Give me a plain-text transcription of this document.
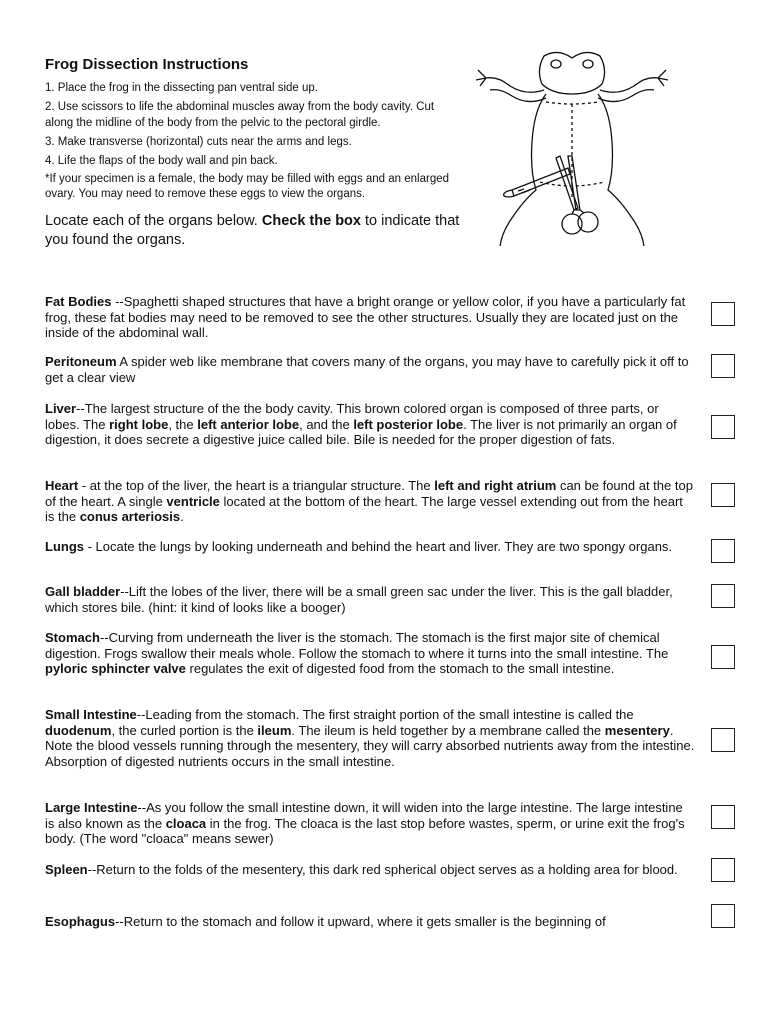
Frog Dissection Instructions
1. Place the frog in the dissecting pan ventral side up.
2. Use scissors to life the abdominal muscles away from the body cavity. Cut along the midline of the body from the pelvic to the pectoral girdle.
3. Make transverse (horizontal) cuts near the arms and legs.
4. Life the flaps of the body wall and pin back.
*If your specimen is a female, the body may be filled with eggs and an enlarged ovary. You may need to remove these eggs to view the organs.
Locate each of the organs below. Check the box to indicate that you found the organs.
Fat Bodies --Spaghetti shaped structures that have a bright orange or yellow color, if you have a particularly fat frog, these fat bodies may need to be removed to see the other structures. Usually they are located just on the inside of the abdominal wall.
Peritoneum A spider web like membrane that covers many of the organs, you may have to carefully pick it off to get a clear view
Liver--The largest structure of the the body cavity. This brown colored organ is composed of three parts, or lobes. The right lobe, the left anterior lobe, and the left posterior lobe. The liver is not primarily an organ of digestion, it does secrete a digestive juice called bile. Bile is needed for the proper digestion of fats.
Heart - at the top of the liver, the heart is a triangular structure. The left and right atrium can be found at the top of the heart. A single ventricle located at the bottom of the heart. The large vessel extending out from the heart is the conus arteriosis.
Lungs - Locate the lungs by looking underneath and behind the heart and liver. They are two spongy organs.
Gall bladder--Lift the lobes of the liver, there will be a small green sac under the liver. This is the gall bladder, which stores bile. (hint: it kind of looks like a booger)
Stomach--Curving from underneath the liver is the stomach. The stomach is the first major site of chemical digestion. Frogs swallow their meals whole. Follow the stomach to where it turns into the small intestine. The pyloric sphincter valve regulates the exit of digested food from the stomach to the small intestine.
Small Intestine--Leading from the stomach. The first straight portion of the small intestine is called the duodenum, the curled portion is the ileum. The ileum is held together by a membrane called the mesentery. Note the blood vessels running through the mesentery, they will carry absorbed nutrients away from the intestine. Absorption of digested nutrients occurs in the small intestine.
Large Intestine--As you follow the small intestine down, it will widen into the large intestine. The large intestine is also known as the cloaca in the frog. The cloaca is the last stop before wastes, sperm, or urine exit the frog's body. (The word "cloaca" means sewer)
Spleen--Return to the folds of the mesentery, this dark red spherical object serves as a holding area for blood.
Esophagus--Return to the stomach and follow it upward, where it gets smaller is the beginning of
